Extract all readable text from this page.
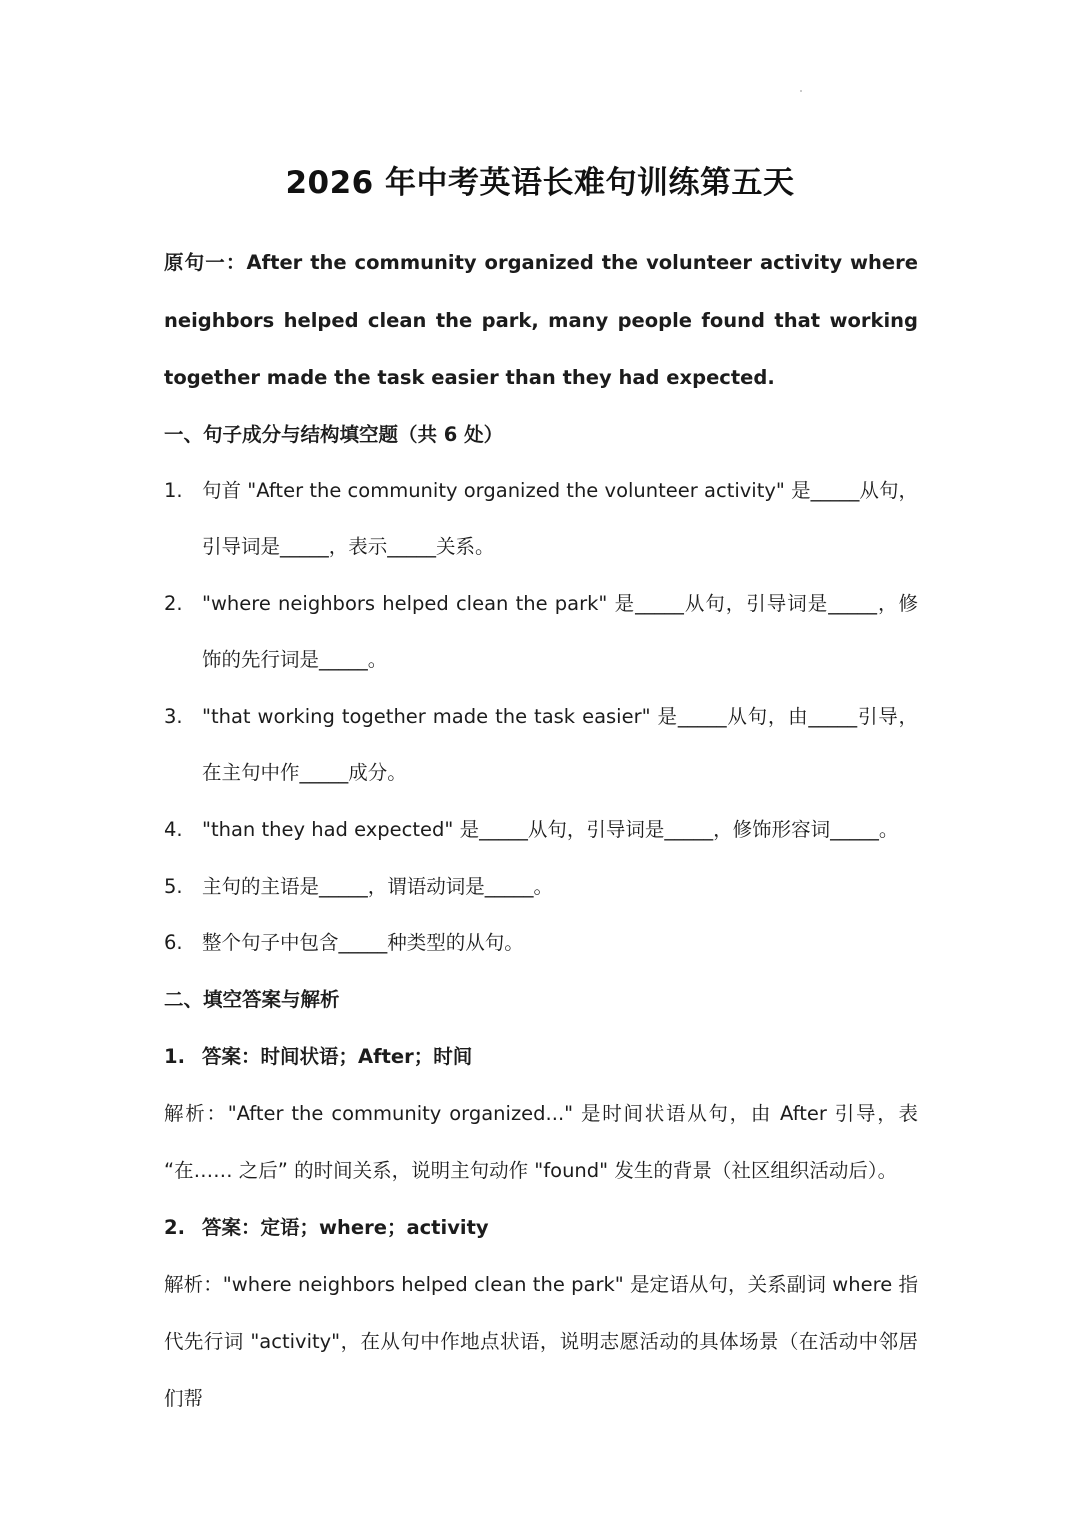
2026 年中考英语长难句训练第五天

原句一：After the community organized the volunteer activity where neighbors helped clean the park, many people found that working together made the task easier than they had expected.

一、句子成分与结构填空题（共 6 处）

1. 句首 "After the community organized the volunteer activity" 是_____从句，引导词是_____，表示_____关系。
2. "where neighbors helped clean the park" 是_____从句，引导词是_____，修饰的先行词是_____。
3. "that working together made the task easier" 是_____从句，由_____引导，在主句中作_____成分。
4. "than they had expected" 是_____从句，引导词是_____，修饰形容词_____。
5. 主句的主语是_____，谓语动词是_____。
6. 整个句子中包含_____种类型的从句。

二、填空答案与解析

1. 答案：时间状语；After；时间

解析："After the community organized..." 是时间状语从句，由 After 引导，表 “在…… 之后” 的时间关系，说明主句动作 "found" 发生的背景（社区组织活动后）。

2. 答案：定语；where；activity

解析："where neighbors helped clean the park" 是定语从句，关系副词 where 指代先行词 "activity"，在从句中作地点状语，说明志愿活动的具体场景（在活动中邻居们帮
